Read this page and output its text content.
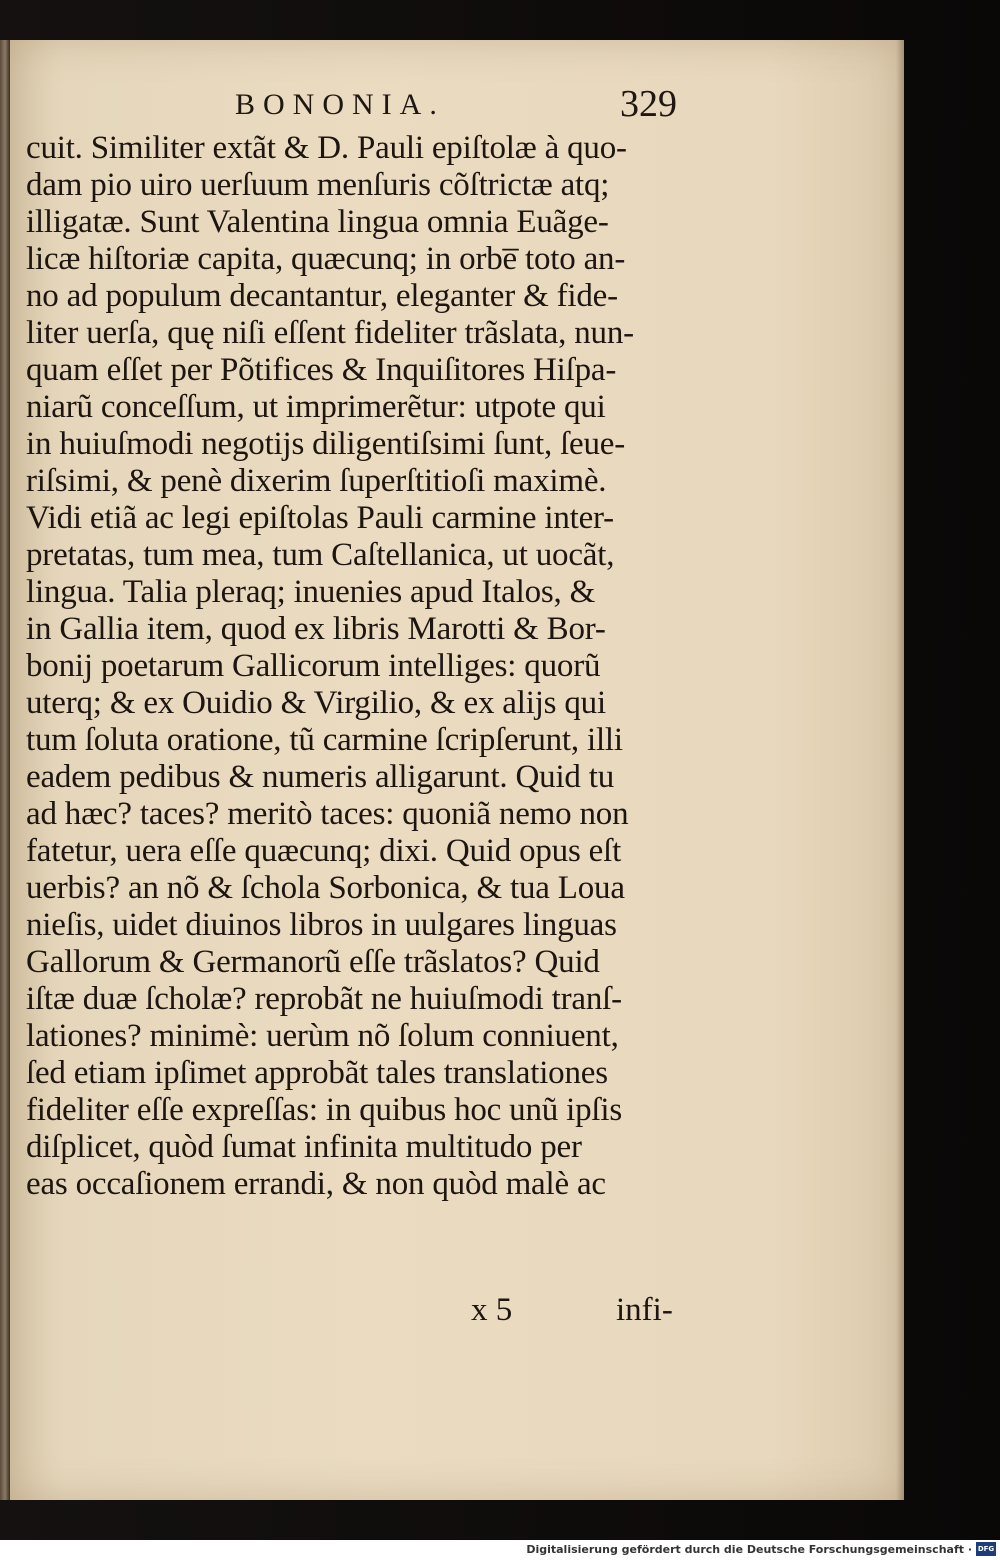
BONONIA.	329
cuit. Similiter extãt & D. Pauli epiſtolæ à quo-
dam pio uiro uerſuum menſuris cõſtrictæ atq;
illigatæ. Sunt Valentina lingua omnia Euãge-
licæ hiſtoriæ capita, quæcunq; in orbe̅ toto an-
no ad populum decantantur, eleganter & fide-
liter uerſa, quę niſi eſſent fideliter trãslata, nun-
quam eſſet per Põtifices & Inquiſitores Hiſpa-
niarũ conceſſum, ut imprimerẽtur: utpote qui
in huiuſmodi negotijs diligentiſsimi ſunt, ſeue-
riſsimi, & penè dixerim ſuperſtitioſi maximè.
Vidi etiã ac legi epiſtolas Pauli carmine inter-
pretatas, tum mea, tum Caſtellanica, ut uocãt,
lingua. Talia pleraq; inuenies apud Italos, &
in Gallia item, quod ex libris Marotti & Bor-
bonij poetarum Gallicorum intelliges: quorũ
uterq; & ex Ouidio & Virgilio, & ex alijs qui
tum ſoluta oratione, tũ carmine ſcripſerunt, illi
eadem pedibus & numeris alligarunt. Quid tu
ad hæc? taces? meritò taces: quoniã nemo non
fatetur, uera eſſe quæcunq; dixi. Quid opus eſt
uerbis? an nõ & ſchola Sorbonica, & tua Loua
nieſis, uidet diuinos libros in uulgares linguas
Gallorum & Germanorũ eſſe trãslatos? Quid
iſtæ duæ ſcholæ? reprobãt ne huiuſmodi tranſ-
lationes? minimè: uerùm nõ ſolum conniuent,
ſed etiam ipſimet approbãt tales translationes
fideliter eſſe expreſſas: in quibus hoc unũ ipſis
diſplicet, quòd ſumat infinita multitudo per
eas occaſionem errandi, & non quòd malè ac
x 5	infi-
Digitalisierung gefördert durch die Deutsche Forschungsgemeinschaft · DFG
